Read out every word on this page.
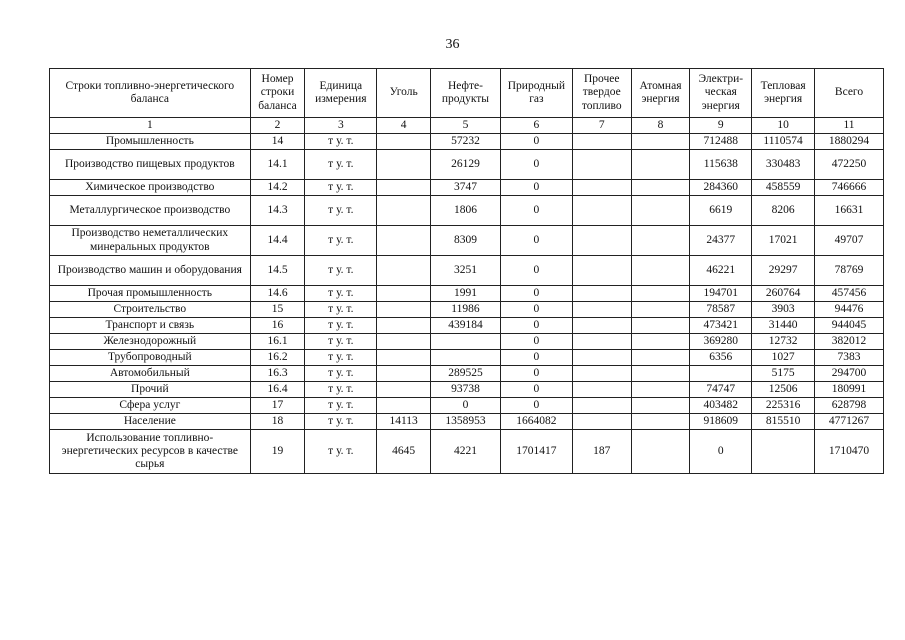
36
Строки топливно-энергетического баланса	Номер строки баланса	Единица измерения	Уголь	Нефте-продукты	Природный газ	Прочее твердое топливо	Атомная энергия	Электри-ческая энергия	Тепловая энергия	Всего
1	2	3	4	5	6	7	8	9	10	11
Промышленность	14	т у. т.		57232	0			712488	1110574	1880294
Производство пищевых продуктов	14.1	т у. т.		26129	0			115638	330483	472250
Химическое производство	14.2	т у. т.		3747	0			284360	458559	746666
Металлургическое производство	14.3	т у. т.		1806	0			6619	8206	16631
Производство неметаллических минеральных продуктов	14.4	т у. т.		8309	0			24377	17021	49707
Производство машин и оборудования	14.5	т у. т.		3251	0			46221	29297	78769
Прочая промышленность	14.6	т у. т.		1991	0			194701	260764	457456
Строительство	15	т у. т.		11986	0			78587	3903	94476
Транспорт и связь	16	т у. т.		439184	0			473421	31440	944045
Железнодорожный	16.1	т у. т.			0			369280	12732	382012
Трубопроводный	16.2	т у. т.			0			6356	1027	7383
Автомобильный	16.3	т у. т.		289525	0				5175	294700
Прочий	16.4	т у. т.		93738	0			74747	12506	180991
Сфера услуг	17	т у. т.		0	0			403482	225316	628798
Население	18	т у. т.	14113	1358953	1664082			918609	815510	4771267
Использование топливно-энергетических ресурсов в качестве сырья	19	т у. т.	4645	4221	1701417	187		0		1710470
